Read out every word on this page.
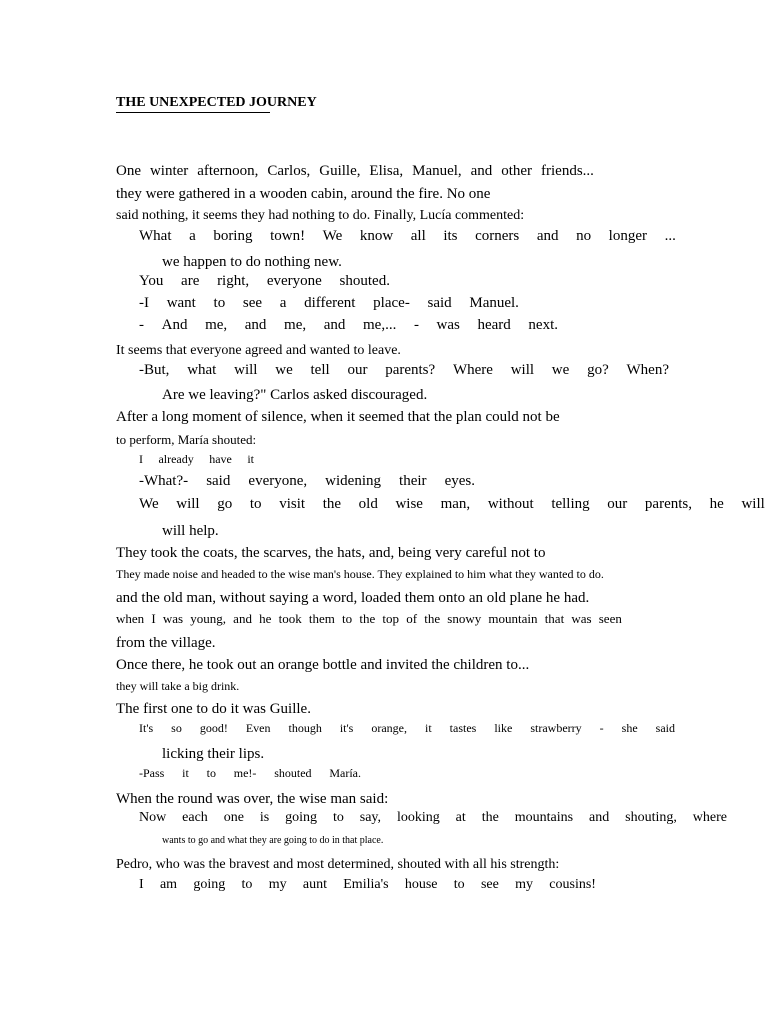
THE UNEXPECTED JOURNEY
One winter afternoon, Carlos, Guille, Elisa, Manuel, and other friends...
they were gathered in a wooden cabin, around the fire. No one
said nothing, it seems they had nothing to do. Finally, Lucía commented:
What a boring town! We know all its corners and no longer ...
we happen to do nothing new.
You are right, everyone shouted.
-I want to see a different place- said Manuel.
- And me, and me, and me,... - was heard next.
It seems that everyone agreed and wanted to leave.
-But, what will we tell our parents? Where will we go? When?
Are we leaving?" Carlos asked discouraged.
After a long moment of silence, when it seemed that the plan could not be
to perform, María shouted:
I already have it
-What?- said everyone, widening their eyes.
We will go to visit the old wise man, without telling our parents, he will
will help.
They took the coats, the scarves, the hats, and, being very careful not to
They made noise and headed to the wise man's house. They explained to him what they wanted to do.
and the old man, without saying a word, loaded them onto an old plane he had.
when I was young, and he took them to the top of the snowy mountain that was seen
from the village.
Once there, he took out an orange bottle and invited the children to...
they will take a big drink.
The first one to do it was Guille.
It's so good! Even though it's orange, it tastes like strawberry - she said
licking their lips.
-Pass it to me!- shouted María.
When the round was over, the wise man said:
Now each one is going to say, looking at the mountains and shouting, where
wants to go and what they are going to do in that place.
Pedro, who was the bravest and most determined, shouted with all his strength:
I am going to my aunt Emilia's house to see my cousins!
